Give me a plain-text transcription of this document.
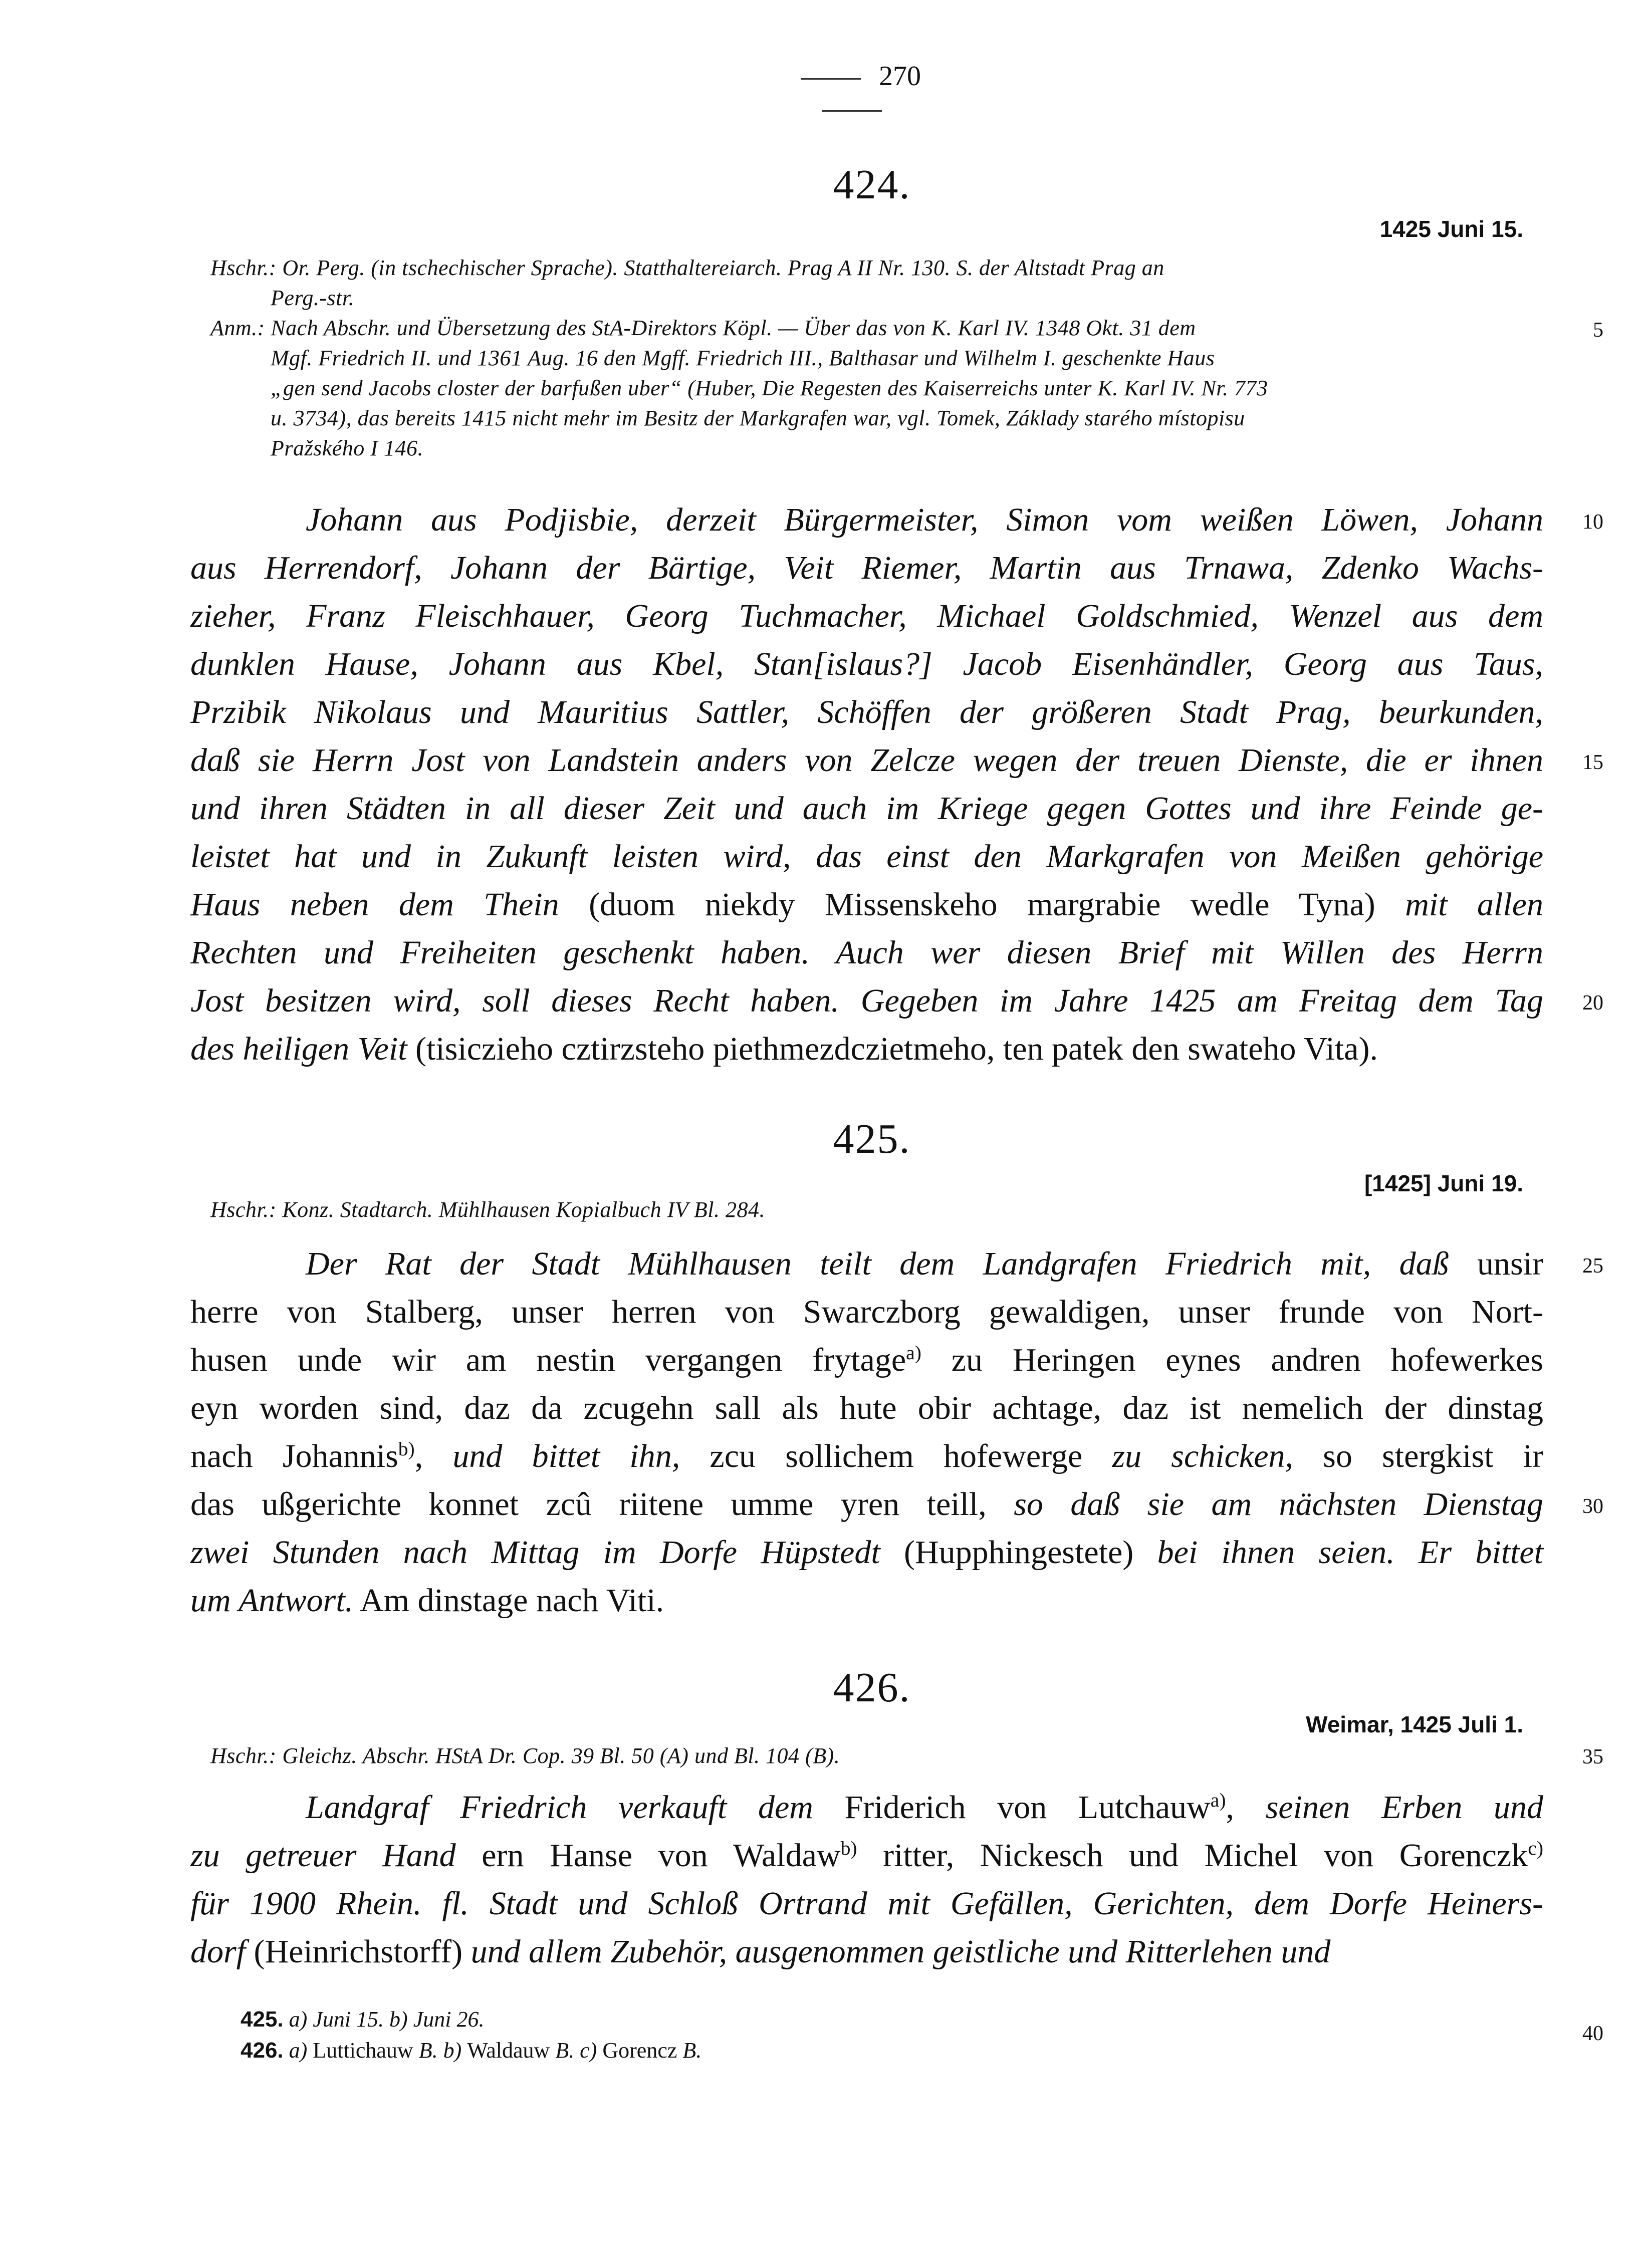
270
424.
1425 Juni 15.
Hschr.: Or. Perg. (in tschechischer Sprache). Statthaltereiarch. Prag A II Nr. 130. S. der Altstadt Prag an
Perg.-str.
Anm.: Nach Abschr. und Übersetzung des StA-Direktors Köpl. — Über das von K. Karl IV. 1348 Okt. 31 dem
Mgf. Friedrich II. und 1361 Aug. 16 den Mgff. Friedrich III., Balthasar und Wilhelm I. geschenkte Haus
„gen send Jacobs closter der barfußen uber“ (Huber, Die Regesten des Kaiserreichs unter K. Karl IV. Nr. 773
u. 3734), das bereits 1415 nicht mehr im Besitz der Markgrafen war, vgl. Tomek, Základy starého místopisu
Pražského I 146.
Johann aus Podjisbie, derzeit Bürgermeister, Simon vom weißen Löwen, Johann
aus Herrendorf, Johann der Bärtige, Veit Riemer, Martin aus Trnawa, Zdenko Wachs-
zieher, Franz Fleischhauer, Georg Tuchmacher, Michael Goldschmied, Wenzel aus dem
dunklen Hause, Johann aus Kbel, Stan[islaus?] Jacob Eisenhändler, Georg aus Taus,
Przibik Nikolaus und Mauritius Sattler, Schöffen der größeren Stadt Prag, beurkunden,
daß sie Herrn Jost von Landstein anders von Zelcze wegen der treuen Dienste, die er ihnen
und ihren Städten in all dieser Zeit und auch im Kriege gegen Gottes und ihre Feinde ge-
leistet hat und in Zukunft leisten wird, das einst den Markgrafen von Meißen gehörige
Haus neben dem Thein (duom niekdy Missenskeho margrabie wedle Tyna) mit allen
Rechten und Freiheiten geschenkt haben. Auch wer diesen Brief mit Willen des Herrn
Jost besitzen wird, soll dieses Recht haben. Gegeben im Jahre 1425 am Freitag dem Tag
des heiligen Veit (tisiczieho cztirzsteho piethmezdczietmeho, ten patek den swateho Vita).
425.
[1425] Juni 19.
Hschr.: Konz. Stadtarch. Mühlhausen Kopialbuch IV Bl. 284.
Der Rat der Stadt Mühlhausen teilt dem Landgrafen Friedrich mit, daß unsir
herre von Stalberg, unser herren von Swarczborg gewaldigen, unser frunde von Nort-
husen unde wir am nestin vergangen frytage$^{a)}$ zu Heringen eynes andren hofewerkes
eyn worden sind, daz da zcugehn sall als hute obir achtage, daz ist nemelich der dinstag
nach Johannis$^{b)}$, und bittet ihn, zcu sollichem hofewerge zu schicken, so stergkist ir
das ußgerichte konnet zcû riitene umme yren teill, so daß sie am nächsten Dienstag
zwei Stunden nach Mittag im Dorfe Hüpstedt (Hupphingestete) bei ihnen seien. Er bittet
um Antwort. Am dinstage nach Viti.
426.
Weimar, 1425 Juli 1.
Hschr.: Gleichz. Abschr. HStA Dr. Cop. 39 Bl. 50 (A) und Bl. 104 (B).
Landgraf Friedrich verkauft dem Friderich von Lutchauw$^{a)}$, seinen Erben und
zu getreuer Hand ern Hanse von Waldaw$^{b)}$ ritter, Nickesch und Michel von Gorenczk$^{c)}$
für 1900 Rhein. fl. Stadt und Schloß Ortrand mit Gefällen, Gerichten, dem Dorfe Heiners-
dorf (Heinrichstorff) und allem Zubehör, ausgenommen geistliche und Ritterlehen und
425. a) Juni 15. b) Juni 26.
426. a) Luttichauw B. b) Waldauw B. c) Gorencz B.
10
15
20
25
30
35
5
40
